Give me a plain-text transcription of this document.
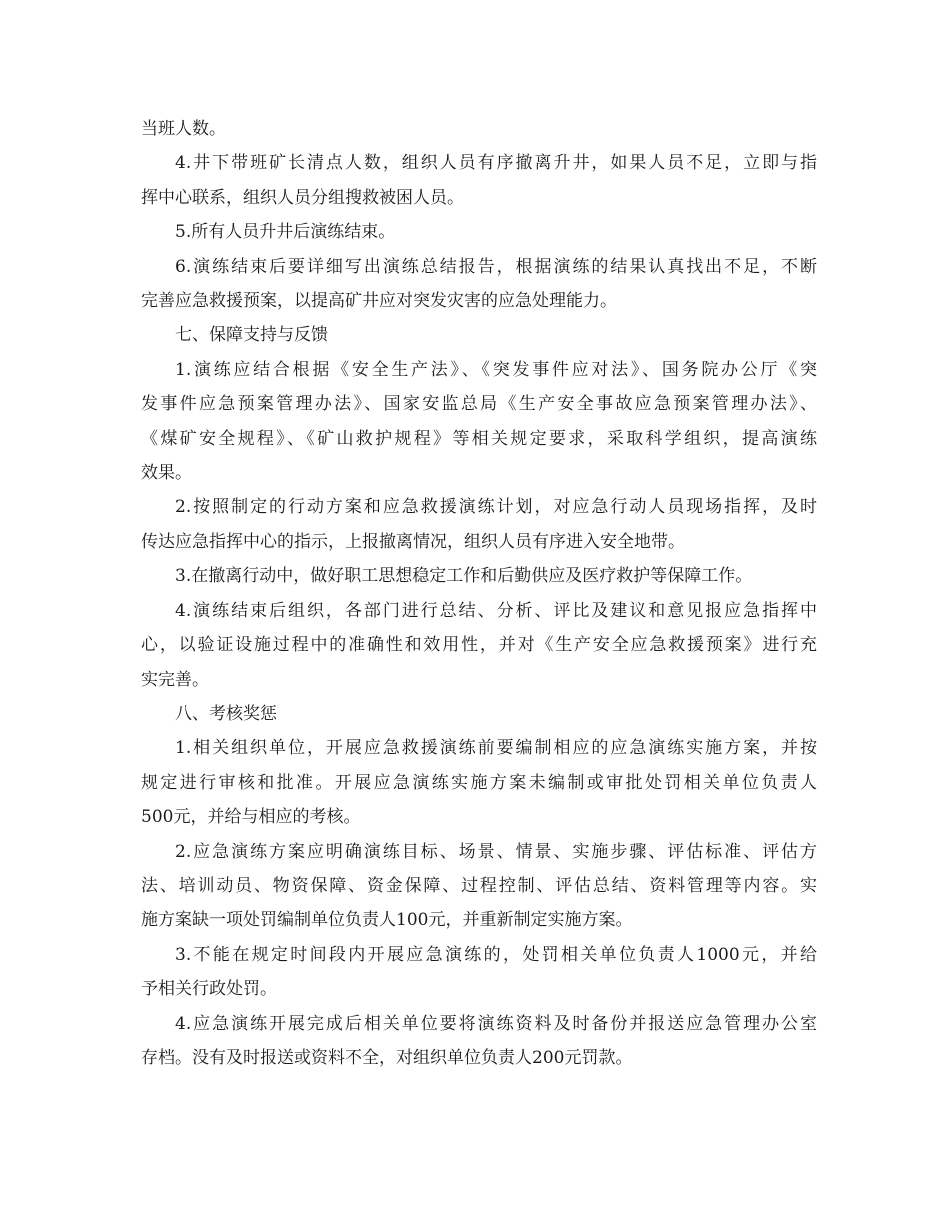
当班人数。
4.井下带班矿长清点人数，组织人员有序撤离升井，如果人员不足，立即与指
挥中心联系，组织人员分组搜救被困人员。
5.所有人员升井后演练结束。
6.演练结束后要详细写出演练总结报告，根据演练的结果认真找出不足，不断
完善应急救援预案，以提高矿井应对突发灾害的应急处理能力。
七、保障支持与反馈
1.演练应结合根据《安全生产法》、《突发事件应对法》、国务院办公厅《突
发事件应急预案管理办法》、国家安监总局《生产安全事故应急预案管理办法》、
《煤矿安全规程》、《矿山救护规程》等相关规定要求，采取科学组织，提高演练
效果。
2.按照制定的行动方案和应急救援演练计划，对应急行动人员现场指挥，及时
传达应急指挥中心的指示，上报撤离情况，组织人员有序进入安全地带。
3.在撤离行动中，做好职工思想稳定工作和后勤供应及医疗救护等保障工作。
4.演练结束后组织，各部门进行总结、分析、评比及建议和意见报应急指挥中
心，以验证设施过程中的准确性和效用性，并对《生产安全应急救援预案》进行充
实完善。
八、考核奖惩
1.相关组织单位，开展应急救援演练前要编制相应的应急演练实施方案，并按
规定进行审核和批准。开展应急演练实施方案未编制或审批处罚相关单位负责人
500元，并给与相应的考核。
2.应急演练方案应明确演练目标、场景、情景、实施步骤、评估标准、评估方
法、培训动员、物资保障、资金保障、过程控制、评估总结、资料管理等内容。实
施方案缺一项处罚编制单位负责人100元，并重新制定实施方案。
3.不能在规定时间段内开展应急演练的，处罚相关单位负责人1000元，并给
予相关行政处罚。
4.应急演练开展完成后相关单位要将演练资料及时备份并报送应急管理办公室
存档。没有及时报送或资料不全，对组织单位负责人200元罚款。
